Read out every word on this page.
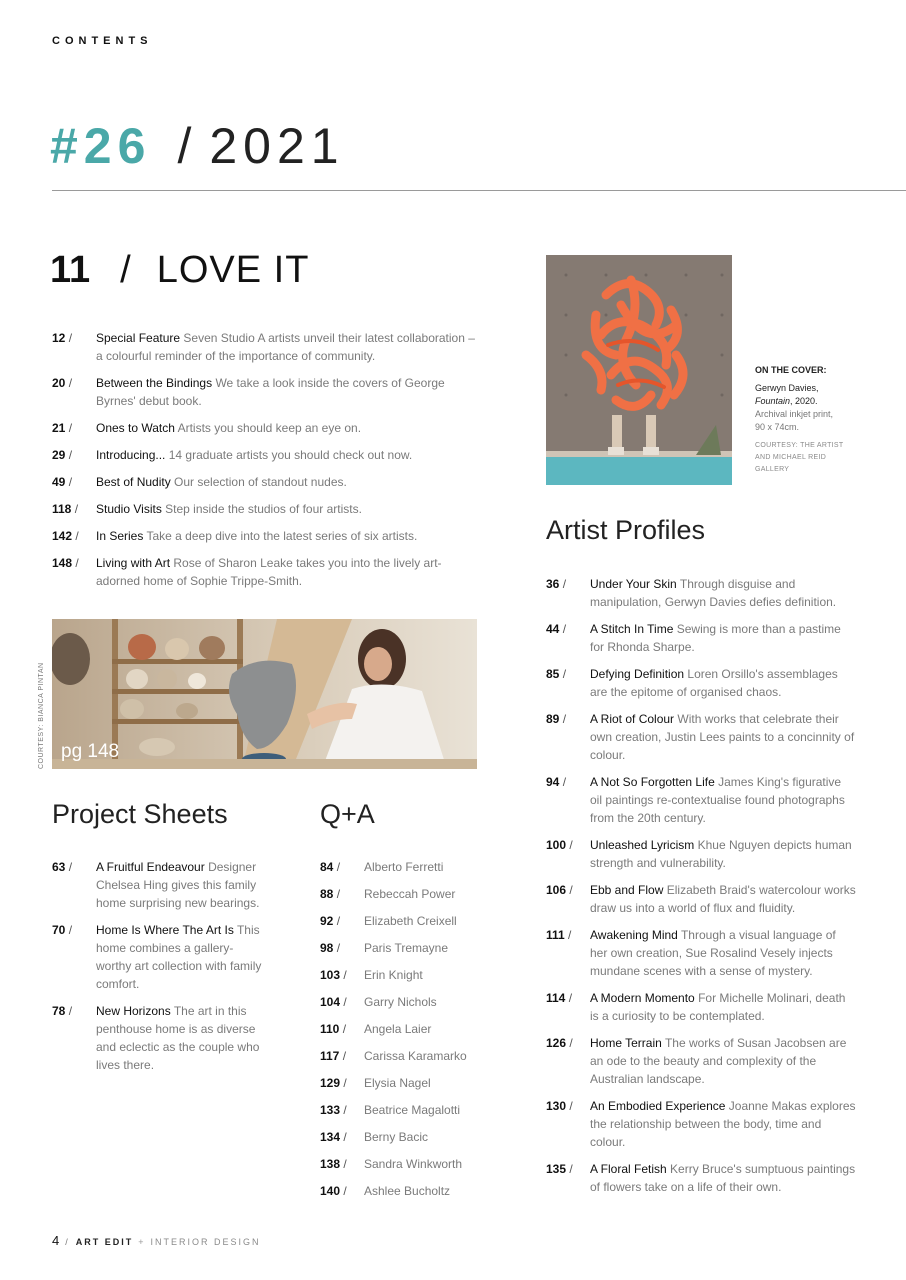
CONTENTS
#26 / 2021
11 / LOVE IT
12 / Special Feature Seven Studio A artists unveil their latest collaboration – a colourful reminder of the importance of community.
20 / Between the Bindings We take a look inside the covers of George Byrnes' debut book.
21 / Ones to Watch Artists you should keep an eye on.
29 / Introducing... 14 graduate artists you should check out now.
49 / Best of Nudity Our selection of standout nudes.
118 / Studio Visits Step inside the studios of four artists.
142 / In Series Take a deep dive into the latest series of six artists.
148 / Living with Art Rose of Sharon Leake takes you into the lively art-adorned home of Sophie Trippe-Smith.
COURTESY: BIANCA PINTAN pg 148
Project Sheets
63 / A Fruitful Endeavour Designer Chelsea Hing gives this family home surprising new bearings.
70 / Home Is Where The Art Is This home combines a gallery-worthy art collection with family comfort.
78 / New Horizons The art in this penthouse home is as diverse and eclectic as the couple who lives there.
Q+A
84 / Alberto Ferretti
88 / Rebeccah Power
92 / Elizabeth Creixell
98 / Paris Tremayne
103 / Erin Knight
104 / Garry Nichols
110 / Angela Laier
117 / Carissa Karamarko
129 / Elysia Nagel
133 / Beatrice Magalotti
134 / Berny Bacic
138 / Sandra Winkworth
140 / Ashlee Bucholtz
ON THE COVER:
Gerwyn Davies,
Fountain, 2020.
Archival inkjet print, 90 x 74cm.
COURTESY: THE ARTIST AND MICHAEL REID GALLERY
Artist Profiles
36 / Under Your Skin Through disguise and manipulation, Gerwyn Davies defies definition.
44 / A Stitch In Time Sewing is more than a pastime for Rhonda Sharpe.
85 / Defying Definition Loren Orsillo's assemblages are the epitome of organised chaos.
89 / A Riot of Colour With works that celebrate their own creation, Justin Lees paints to a concinnity of colour.
94 / A Not So Forgotten Life James King's figurative oil paintings re-contextualise found photographs from the 20th century.
100 / Unleashed Lyricism Khue Nguyen depicts human strength and vulnerability.
106 / Ebb and Flow Elizabeth Braid's watercolour works draw us into a world of flux and fluidity.
111 / Awakening Mind Through a visual language of her own creation, Sue Rosalind Vesely injects mundane scenes with a sense of mystery.
114 / A Modern Momento For Michelle Molinari, death is a curiosity to be contemplated.
126 / Home Terrain The works of Susan Jacobsen are an ode to the beauty and complexity of the Australian landscape.
130 / An Embodied Experience Joanne Makas explores the relationship between the body, time and colour.
135 / A Floral Fetish Kerry Bruce's sumptuous paintings of flowers take on a life of their own.
4 / ART EDIT + INTERIOR DESIGN
